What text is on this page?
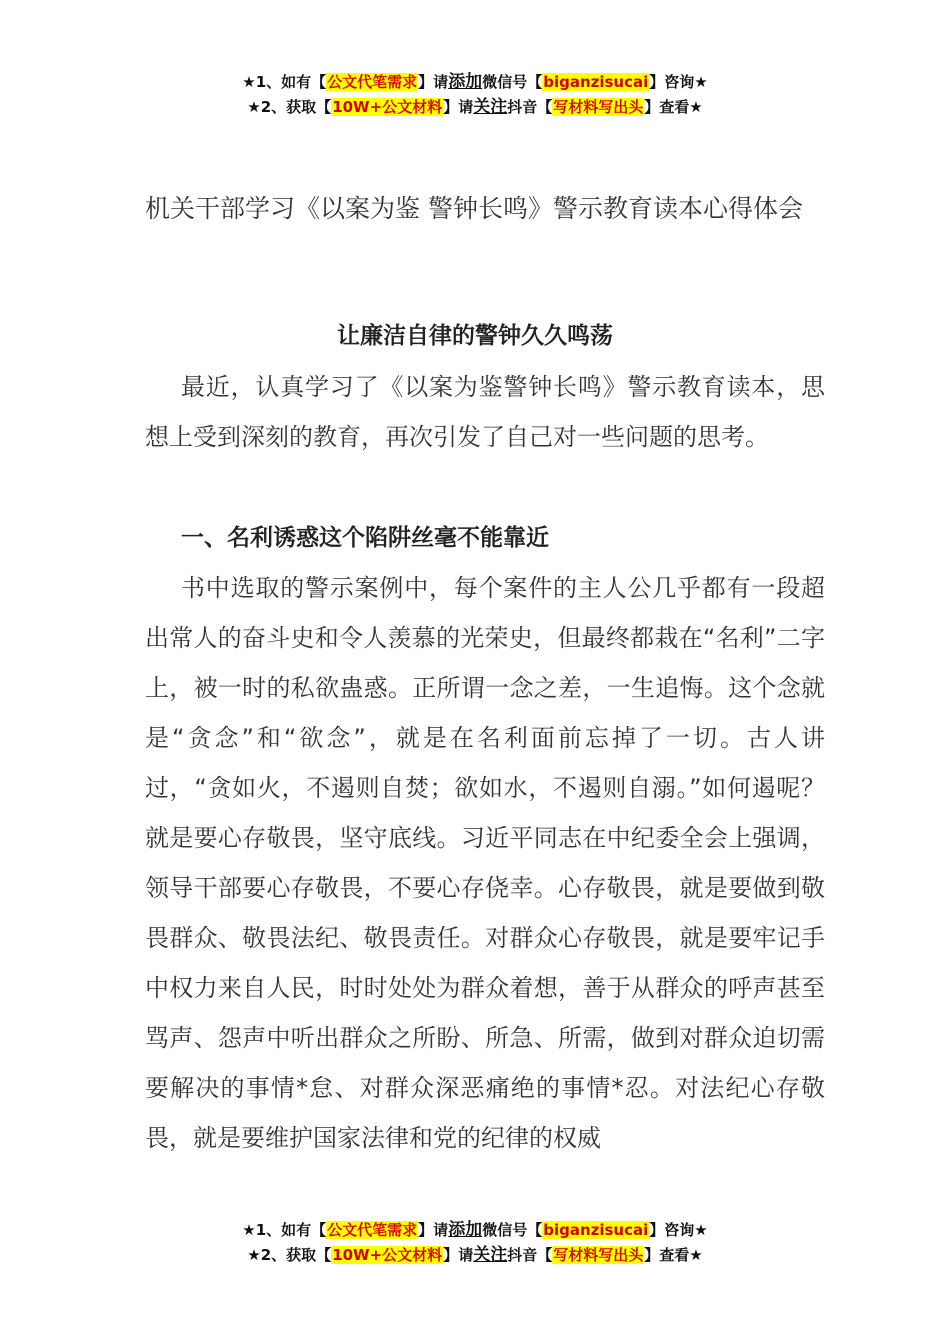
★1、如有【公文代笔需求】请添加微信号【biganzisucai】咨询★
★2、获取【10W+公文材料】请关注抖音【写材料写出头】查看★
机关干部学习《以案为鉴 警钟长鸣》警示教育读本心得体会
让廉洁自律的警钟久久鸣荡

最近，认真学习了《以案为鉴警钟长鸣》警示教育读本，思想上受到深刻的教育，再次引发了自己对一些问题的思考。

一、名利诱惑这个陷阱丝毫不能靠近

书中选取的警示案例中，每个案件的主人公几乎都有一段超出常人的奋斗史和令人羡慕的光荣史，但最终都栽在“名利”二字上，被一时的私欲蛊惑。正所谓一念之差，一生追悔。这个念就是“贪念”和“欲念”，就是在名利面前忘掉了一切。古人讲过，“贪如火，不遏则自焚；欲如水，不遏则自溺。”如何遏呢？就是要心存敬畏，坚守底线。习近平同志在中纪委全会上强调，领导干部要心存敬畏，不要心存侥幸。心存敬畏，就是要做到敬畏群众、敬畏法纪、敬畏责任。对群众心存敬畏，就是要牢记手中权力来自人民，时时处处为群众着想，善于从群众的呼声甚至骂声、怨声中听出群众之所盼、所急、所需，做到对群众迫切需要解决的事情*怠、对群众深恶痛绝的事情*忍。对法纪心存敬畏，就是要维护国家法律和党的纪律的权威

★1、如有【公文代笔需求】请添加微信号【biganzisucai】咨询★
★2、获取【10W+公文材料】请关注抖音【写材料写出头】查看★
